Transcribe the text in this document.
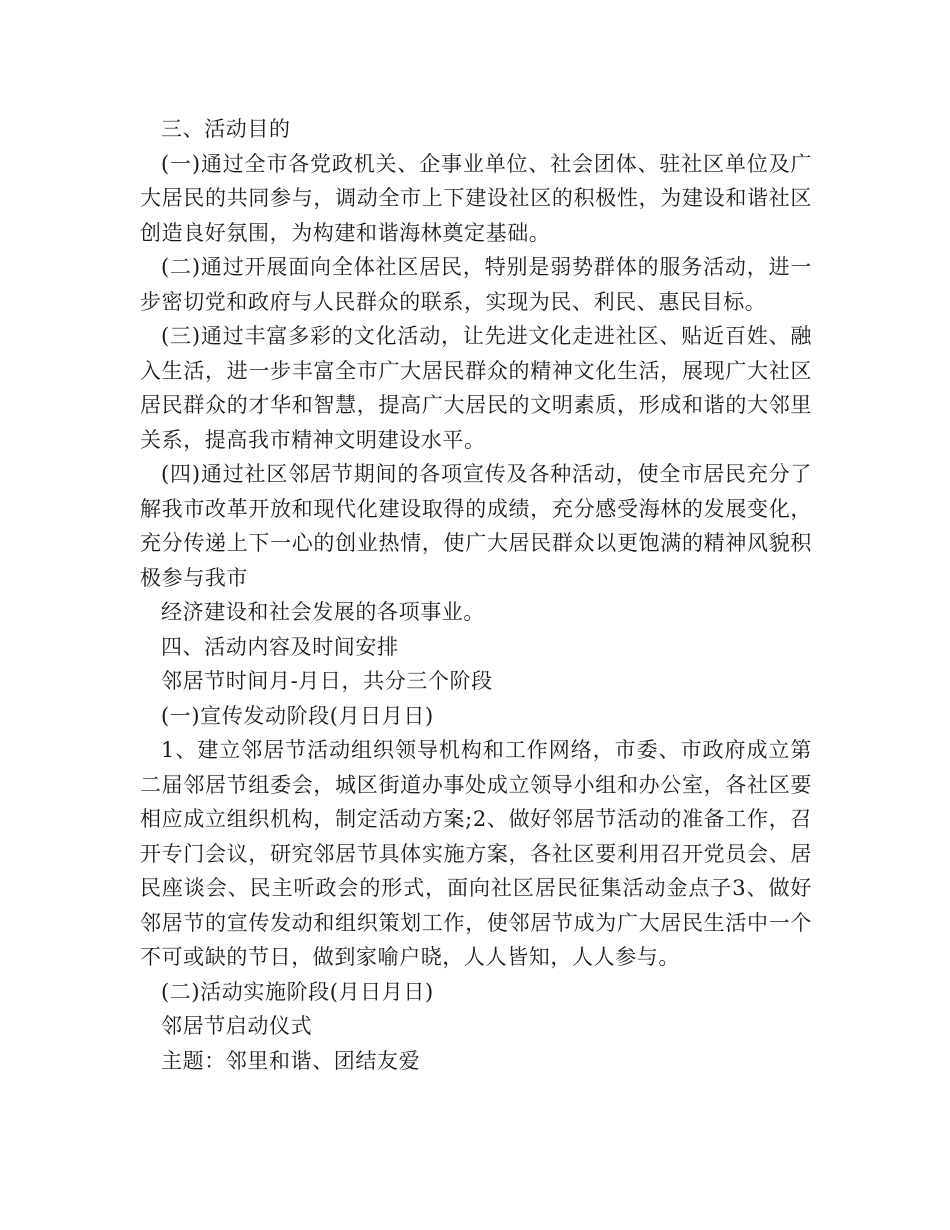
三、活动目的

(一)通过全市各党政机关、企事业单位、社会团体、驻社区单位及广大居民的共同参与，调动全市上下建设社区的积极性，为建设和谐社区创造良好氛围，为构建和谐海林奠定基础。

(二)通过开展面向全体社区居民，特别是弱势群体的服务活动，进一步密切党和政府与人民群众的联系，实现为民、利民、惠民目标。

(三)通过丰富多彩的文化活动，让先进文化走进社区、贴近百姓、融入生活，进一步丰富全市广大居民群众的精神文化生活，展现广大社区居民群众的才华和智慧，提高广大居民的文明素质，形成和谐的大邻里关系，提高我市精神文明建设水平。

(四)通过社区邻居节期间的各项宣传及各种活动，使全市居民充分了解我市改革开放和现代化建设取得的成绩，充分感受海林的发展变化，充分传递上下一心的创业热情，使广大居民群众以更饱满的精神风貌积极参与我市

经济建设和社会发展的各项事业。

四、活动内容及时间安排

邻居节时间月-月日，共分三个阶段

(一)宣传发动阶段(月日月日)

1、建立邻居节活动组织领导机构和工作网络，市委、市政府成立第二届邻居节组委会，城区街道办事处成立领导小组和办公室，各社区要相应成立组织机构，制定活动方案;2、做好邻居节活动的准备工作，召开专门会议，研究邻居节具体实施方案，各社区要利用召开党员会、居民座谈会、民主听政会的形式，面向社区居民征集活动金点子3、做好邻居节的宣传发动和组织策划工作，使邻居节成为广大居民生活中一个不可或缺的节日，做到家喻户晓，人人皆知，人人参与。

(二)活动实施阶段(月日月日)

邻居节启动仪式

主题：邻里和谐、团结友爱
